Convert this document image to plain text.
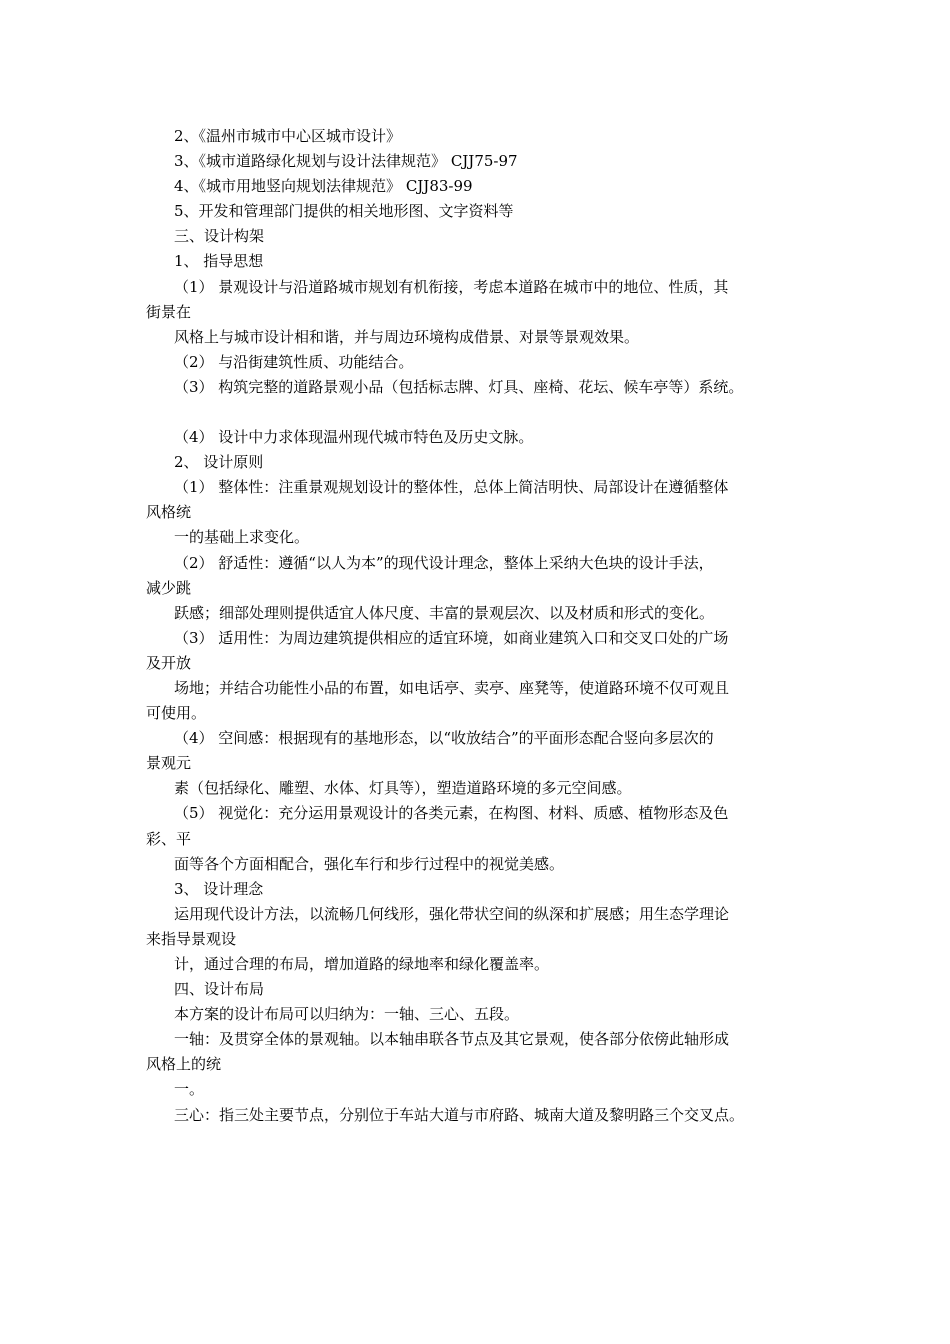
2、《温州市城市中心区城市设计》
3、《城市道路绿化规划与设计法律规范》 CJJ75-97
4、《城市用地竖向规划法律规范》 CJJ83-99
5、开发和管理部门提供的相关地形图、文字资料等
三、设计构架
1、 指导思想
（1） 景观设计与沿道路城市规划有机衔接，考虑本道路在城市中的地位、性质，其
街景在
风格上与城市设计相和谐，并与周边环境构成借景、对景等景观效果。
（2） 与沿街建筑性质、功能结合。
（3） 构筑完整的道路景观小品（包括标志牌、灯具、座椅、花坛、候车亭等）系统。
（4） 设计中力求体现温州现代城市特色及历史文脉。
2、 设计原则
（1） 整体性：注重景观规划设计的整体性，总体上简洁明快、局部设计在遵循整体
风格统
一的基础上求变化。
（2） 舒适性：遵循“以人为本”的现代设计理念，整体上采纳大色块的设计手法，
减少跳
跃感；细部处理则提供适宜人体尺度、丰富的景观层次、以及材质和形式的变化。
（3） 适用性：为周边建筑提供相应的适宜环境，如商业建筑入口和交叉口处的广场
及开放
场地；并结合功能性小品的布置，如电话亭、卖亭、座凳等，使道路环境不仅可观且
可使用。
（4） 空间感：根据现有的基地形态，以“收放结合”的平面形态配合竖向多层次的
景观元
素（包括绿化、雕塑、水体、灯具等），塑造道路环境的多元空间感。
（5） 视觉化：充分运用景观设计的各类元素，在构图、材料、质感、植物形态及色
彩、平
面等各个方面相配合，强化车行和步行过程中的视觉美感。
3、 设计理念
运用现代设计方法，以流畅几何线形，强化带状空间的纵深和扩展感；用生态学理论
来指导景观设
计，通过合理的布局，增加道路的绿地率和绿化覆盖率。
四、设计布局
本方案的设计布局可以归纳为：一轴、三心、五段。
一轴：及贯穿全体的景观轴。以本轴串联各节点及其它景观，使各部分依傍此轴形成
风格上的统
一。
三心：指三处主要节点，分别位于车站大道与市府路、城南大道及黎明路三个交叉点。
